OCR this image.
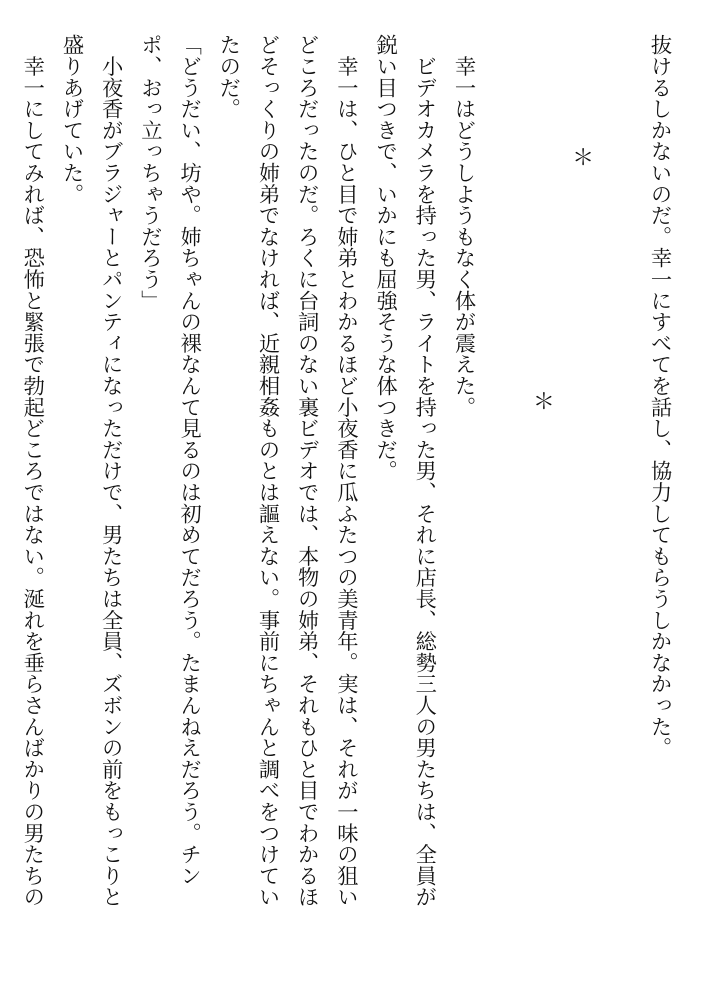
抜けるしかないのだ。幸一にすべてを話し、協力してもらうしかなかった。
＊
＊
　幸一はどうしようもなく体が震えた。
　ビデオカメラを持った男、ライトを持った男、それに店長、総勢三人の男たちは、全員が
鋭い目つきで、いかにも屈強そうな体つきだ。
　幸一は、ひと目で姉弟とわかるほど小夜香に瓜ふたつの美青年。実は、それが一味の狙い
どころだったのだ。ろくに台詞のない裏ビデオでは、本物の姉弟、それもひと目でわかるほ
どそっくりの姉弟でなければ、近親相姦ものとは謳えない。事前にちゃんと調べをつけてい
たのだ。
「どうだい、坊や。姉ちゃんの裸なんて見るのは初めてだろう。たまんねえだろう。チン
ポ、おっ立っちゃうだろう」
　小夜香がブラジャーとパンティになっただけで、男たちは全員、ズボンの前をもっこりと
盛りあげていた。
　幸一にしてみれば、恐怖と緊張で勃起どころではない。涎れを垂らさんばかりの男たちの
